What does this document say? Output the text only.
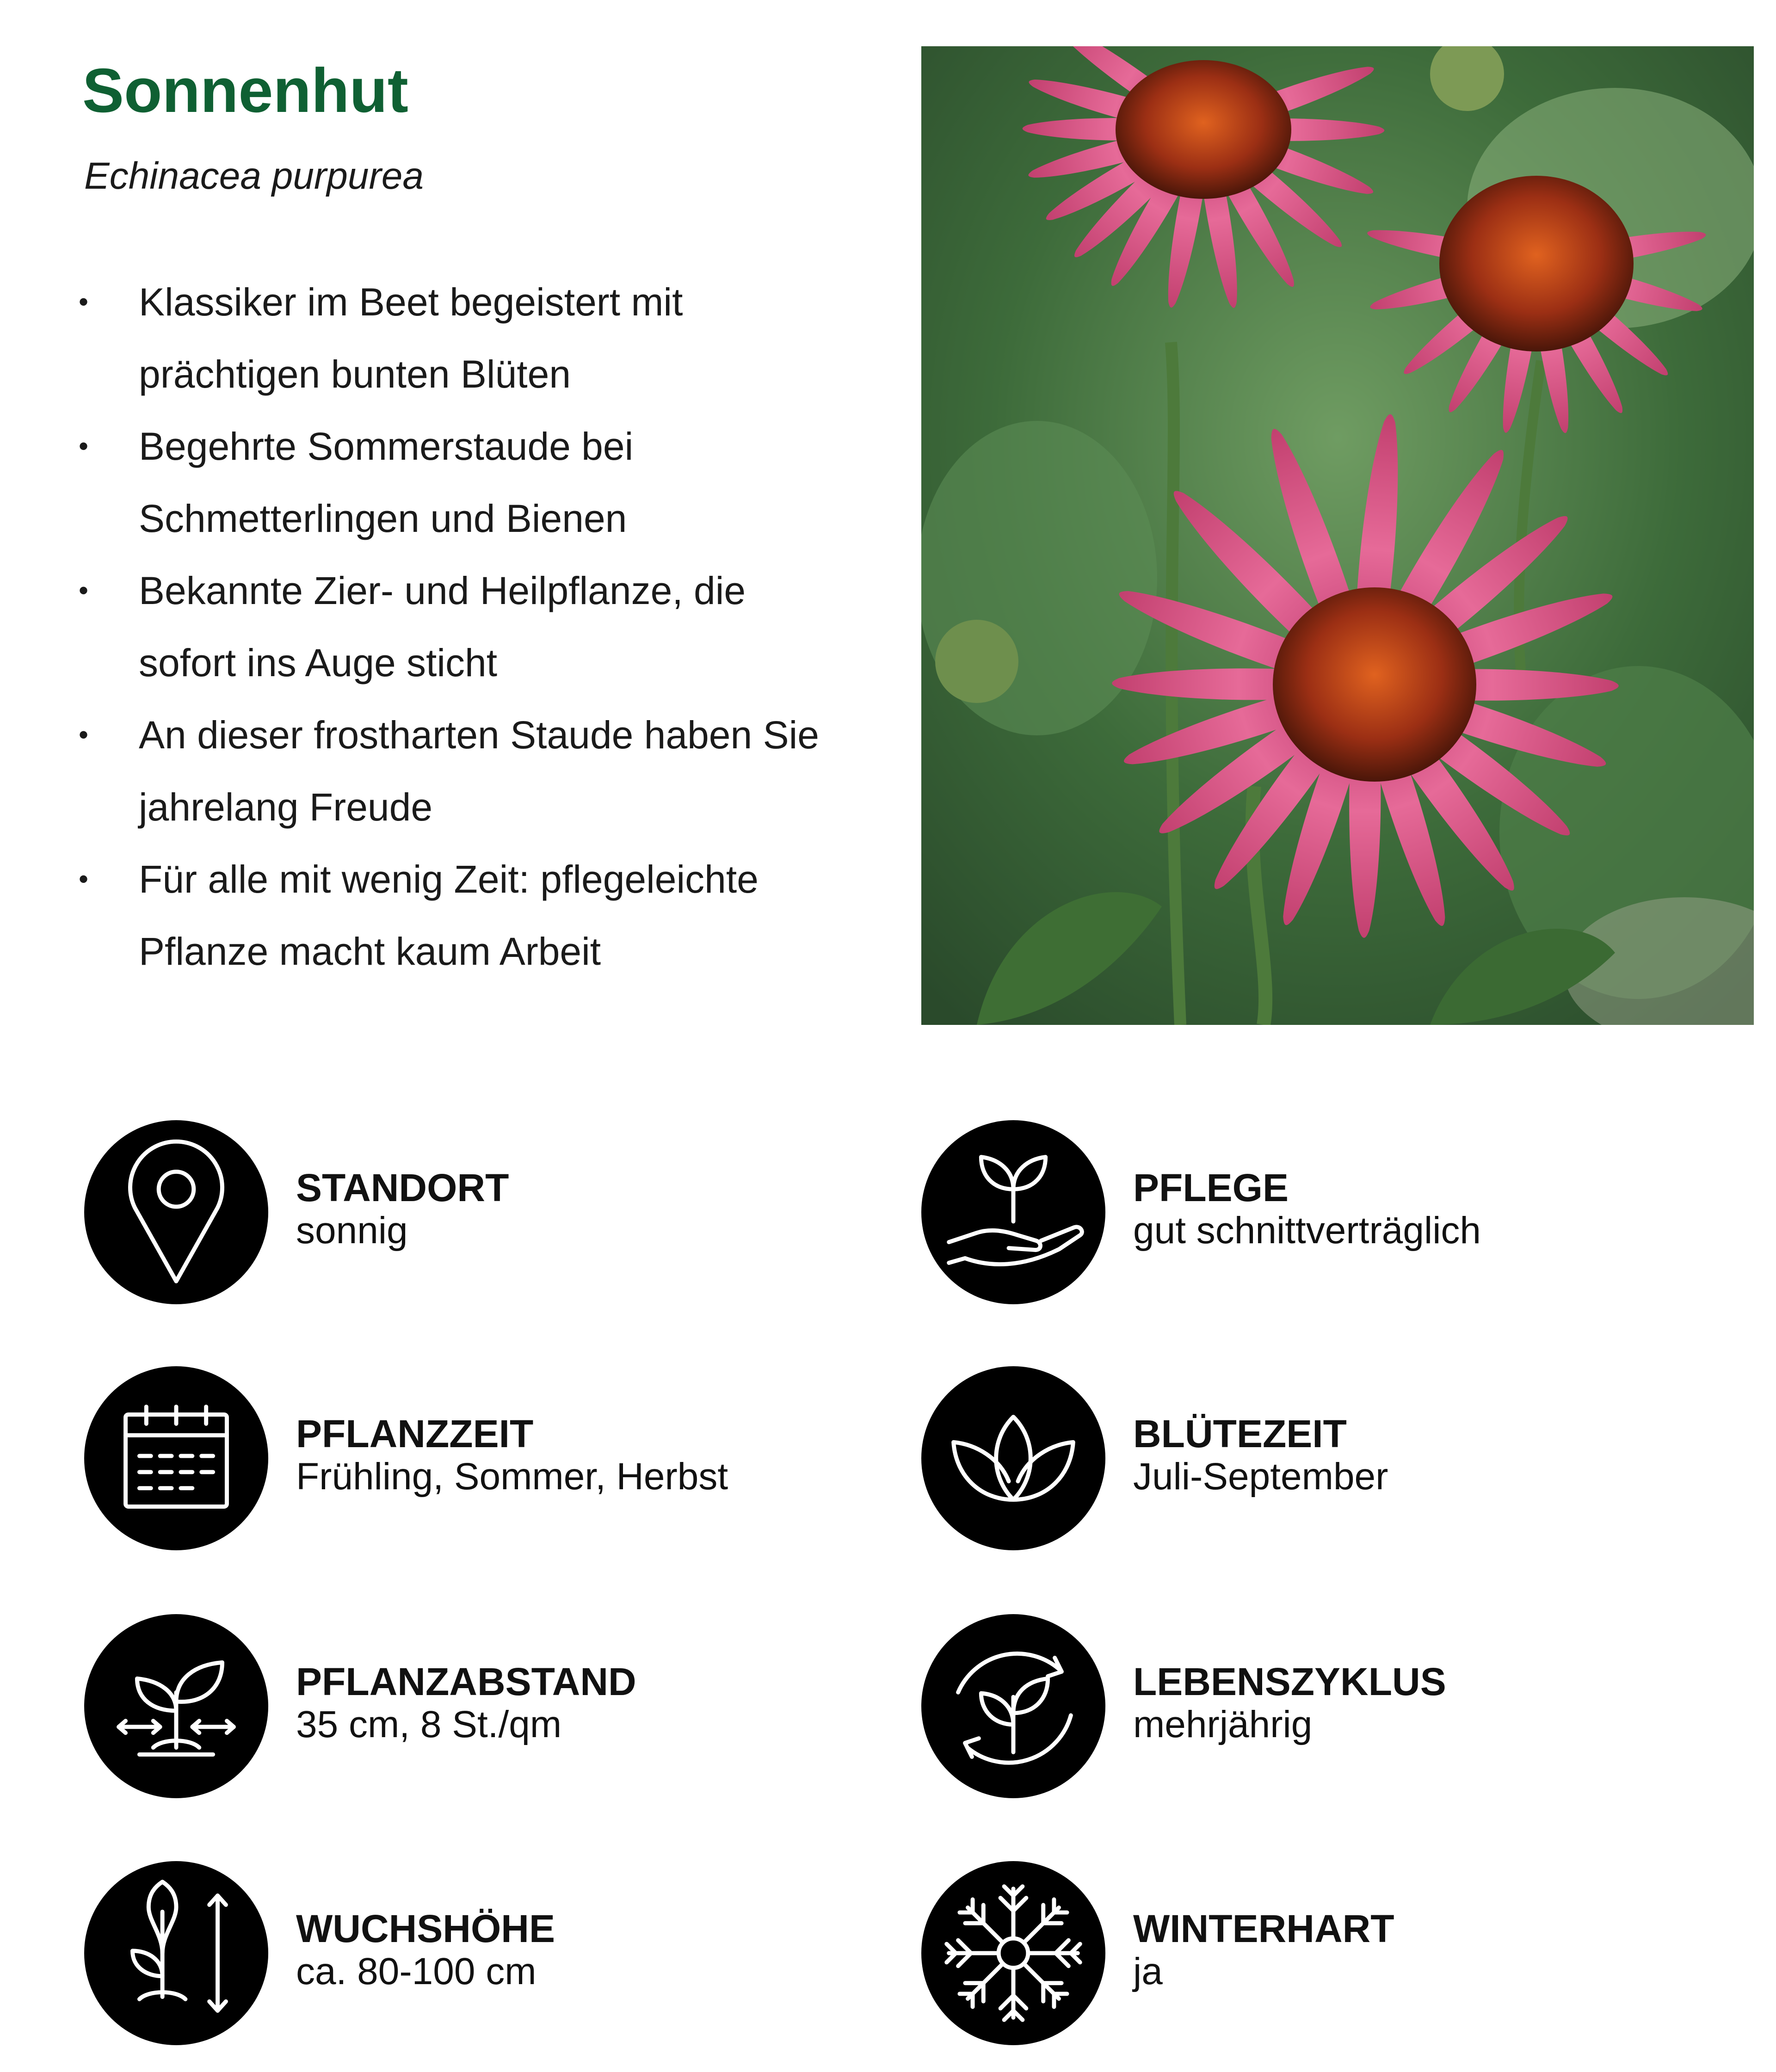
Sonnenhut

Echinacea purpurea

• Klassiker im Beet begeistert mit
prächtigen bunten Blüten
• Begehrte Sommerstaude bei
Schmetterlingen und Bienen
• Bekannte Zier- und Heilpflanze, die
sofort ins Auge sticht
• An dieser frostharten Staude haben Sie
jahrelang Freude
• Für alle mit wenig Zeit: pflegeleichte
Pflanze macht kaum Arbeit
STANDORT
sonnig
PFLEGE
gut schnittverträglich
PFLANZZEIT
Frühling, Sommer, Herbst
BLÜTEZEIT
Juli-September
PFLANZABSTAND
35 cm, 8 St./qm
LEBENSZYKLUS
mehrjährig
WUCHSHÖHE
ca. 80-100 cm
WINTERHART
ja
